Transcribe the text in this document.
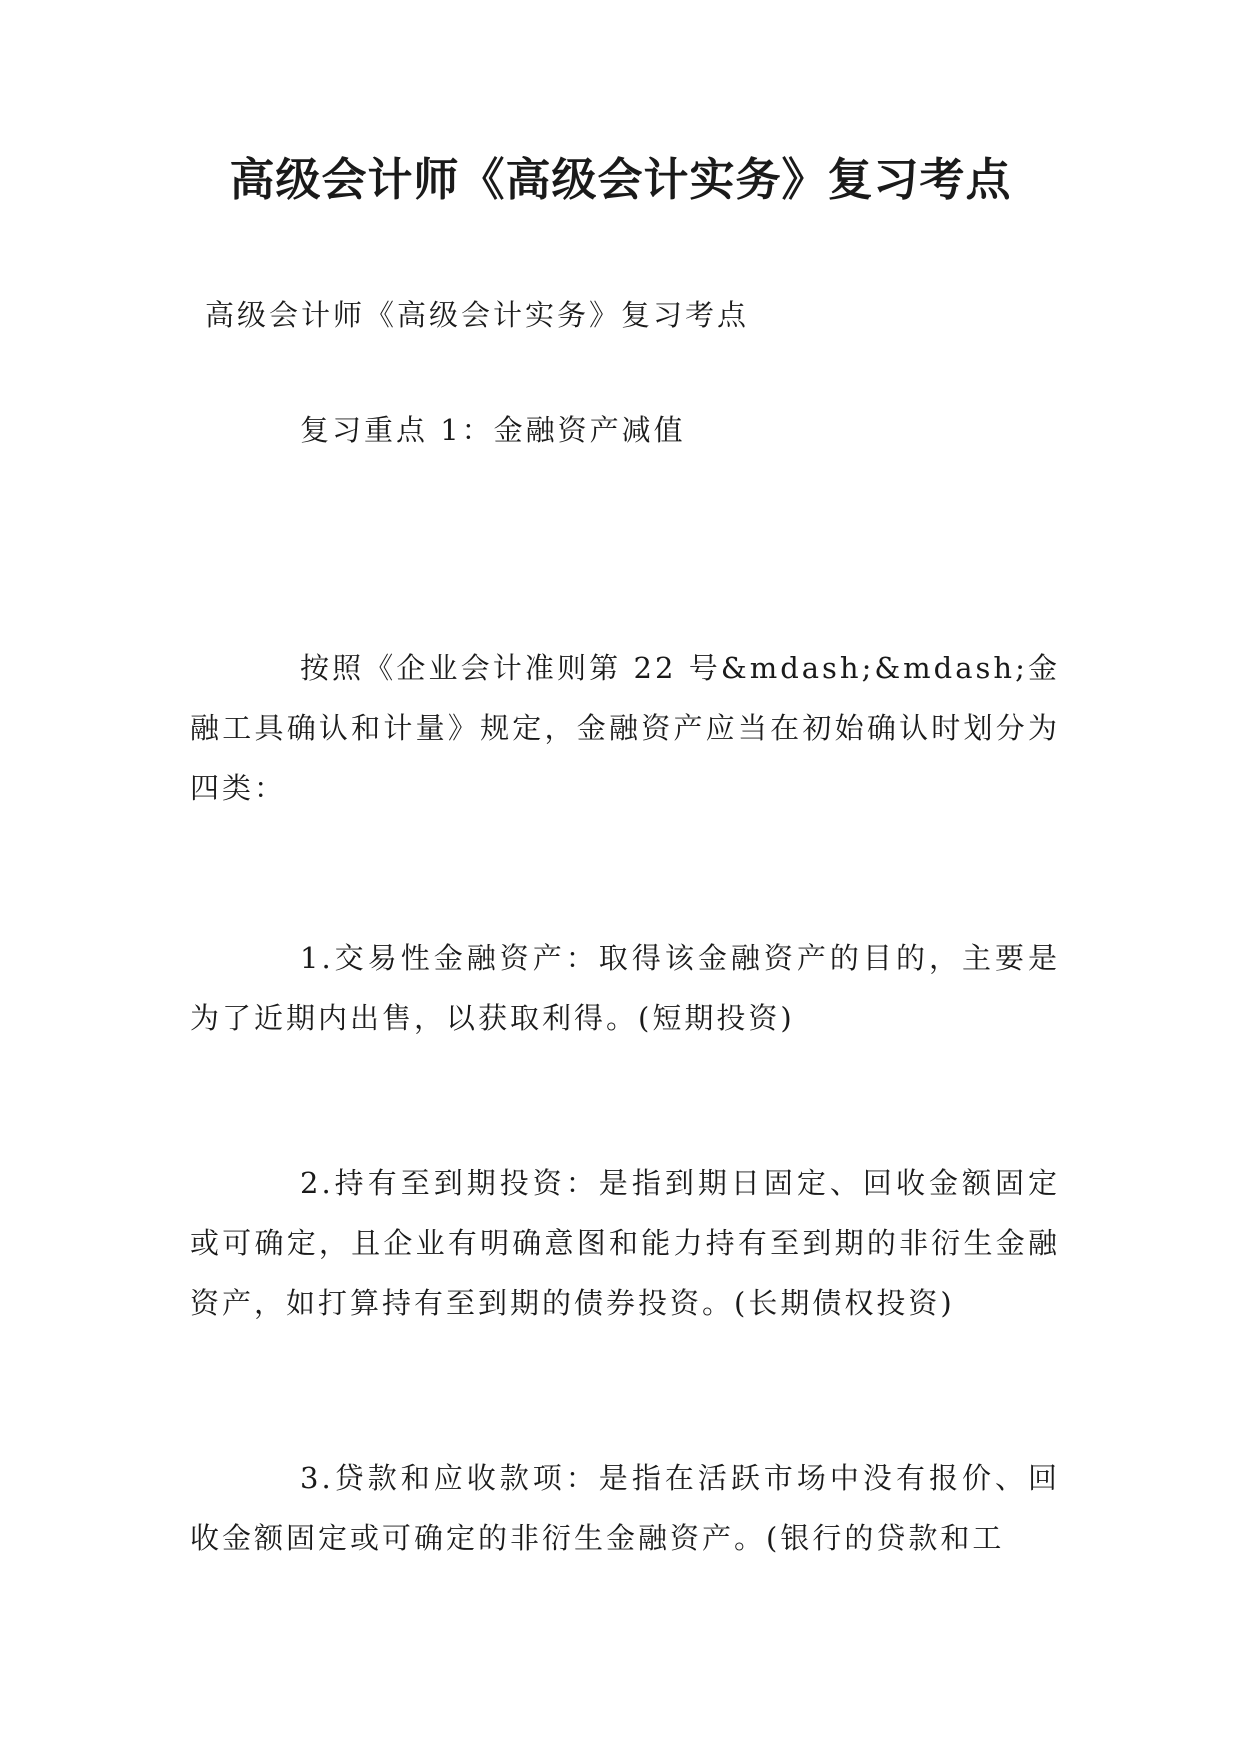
高级会计师《高级会计实务》复习考点

高级会计师《高级会计实务》复习考点

复习重点 1：金融资产减值

按照《企业会计准则第 22 号&mdash;&mdash;金融工具确认和计量》规定，金融资产应当在初始确认时划分为四类：

1.交易性金融资产：取得该金融资产的目的，主要是为了近期内出售，以获取利得。(短期投资)

2.持有至到期投资：是指到期日固定、回收金额固定或可确定，且企业有明确意图和能力持有至到期的非衍生金融资产，如打算持有至到期的债券投资。(长期债权投资)

3.贷款和应收款项：是指在活跃市场中没有报价、回收金额固定或可确定的非衍生金融资产。(银行的贷款和工
